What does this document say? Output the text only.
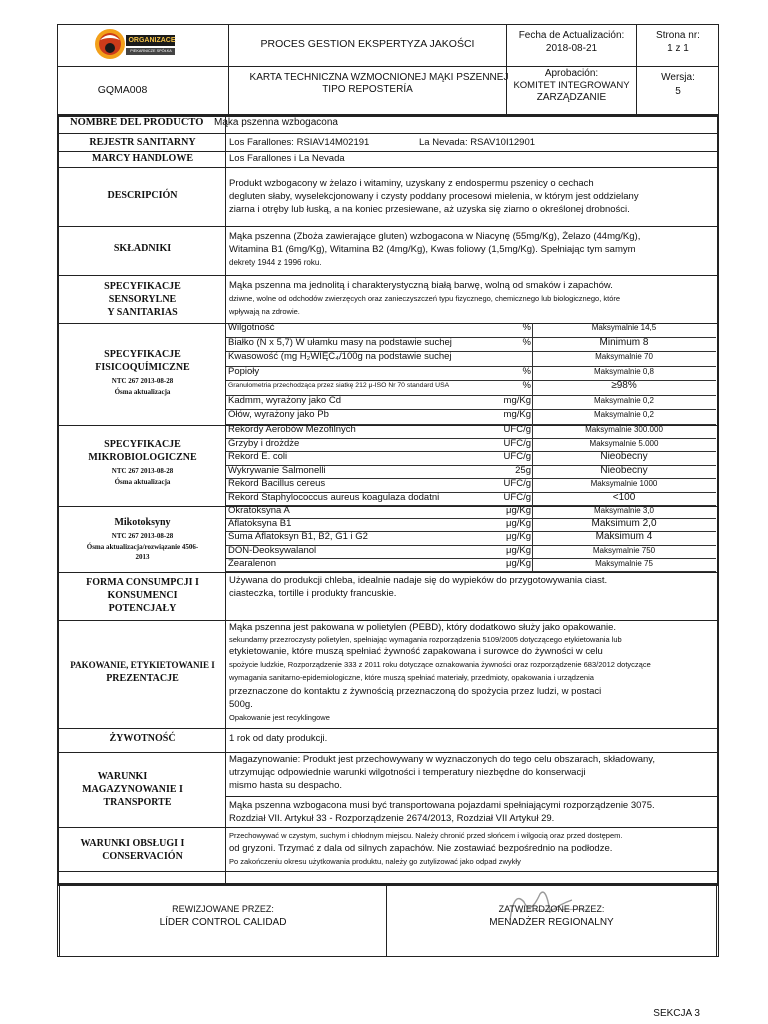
ORGANIZACE
PIEKARNICZE SPÓŁKA
PROCES GESTION EKSPERTYZA JAKOŚCI
Fecha de Actualización:
2018-08-21
Strona nr:
1 z 1
GQMA008
KARTA TECHNICZNA WZMOCNIONEJ MĄKI PSZENNEJ
TIPO REPOSTERÍA
Aprobación:
KOMITET INTEGROWANY
ZARZĄDZANIE
Wersja:
5
NOMBRE DEL PRODUCTO Mąka pszenna wzbogacona
REJESTR SANITARNY	Los Farallones: RSIAV14M02191	La Nevada: RSAV10I12901
MARCY HANDLOWE	Los Farallones i La Nevada
DESCRIPCIÓN
Produkt wzbogacony w żelazo i witaminy, uzyskany z endospermu pszenicy o cechach
degluten słaby, wyselekcjonowany i czysty poddany procesowi mielenia, w którym jest oddzielany
ziarna i otręby lub łuską, a na koniec przesiewane, aż uzyska się ziarno o określonej drobności.
SKŁADNIKI
Mąka pszenna (Zboża zawierające gluten) wzbogacona w Niacynę (55mg/Kg), Żelazo (44mg/Kg),
Witamina B1 (6mg/Kg), Witamina B2 (4mg/Kg), Kwas foliowy (1,5mg/Kg). Spełniając tym samym
dekrety 1944 z 1996 roku.
SPECYFIKACJE
SENSORYLNE
Y SANITARIAS
Mąka pszenna ma jednolitą i charakterystyczną białą barwę, wolną od smaków i zapachów.
dziwne, wolne od odchodów zwierzęcych oraz zanieczyszczeń typu fizycznego, chemicznego lub biologicznego, które
wpływają na zdrowie.
SPECYFIKACJE
FISICOQUÍMICZNE
NTC 267 2013-08-28
Ósma aktualizacja
Wilgotność	%	Maksymalnie 14,5
Białko (N x 5,7) W ułamku masy na podstawie suchej	%	Minimum 8
Kwasowość (mg H₂WIĘC₄/100g na podstawie suchej	Maksymalnie 70
Popioły	%	Maksymalnie 0,8
Granulometria przechodząca przez siatkę 212 μ-ISO Nr 70 standard USA	%	≥98%
Kadmm, wyrażony jako Cd	mg/Kg	Maksymalnie 0,2
Ołów, wyrażony jako Pb	mg/Kg	Maksymalnie 0,2
SPECYFIKACJE
MIKROBIOLOGICZNE
NTC 267 2013-08-28
Ósma aktualizacja
Rekordy Aerobów Mezofilnych	UFC/g	Maksymalnie 300.000
Grzyby i drożdże	UFC/g	Maksymalnie 5.000
Rekord E. coli	UFC/g	Nieobecny
Wykrywanie Salmonelli	25g	Nieobecny
Rekord Bacillus cereus	UFC/g	Maksymalnie 1000
Rekord Staphylococcus aureus koagulaza dodatni	UFC/g	<100
Mikotoksyny
NTC 267 2013-08-28
Ósma aktualizacja/rozwiązanie 4506-
2013
Okratoksyna A	μg/Kg	Maksymalnie 3,0
Aflatoksyna B1	μg/Kg	Maksimum 2,0
Suma Aflatoksyn B1, B2, G1 i G2	μg/Kg	Maksimum 4
DON-Deoksywalanol	μg/Kg	Maksymalnie 750
Zearalenon	μg/Kg	Maksymalnie 75
FORMA CONSUMPCJI I
KONSUMENCI
POTENCJAŁY
Używana do produkcji chleba, idealnie nadaje się do wypieków do przygotowywania ciast.
ciasteczka, tortille i produkty francuskie.
PAKOWANIE, ETYKIETOWANIE I
PREZENTACJE
Mąka pszenna jest pakowana w polietylen (PEBD), który dodatkowo służy jako opakowanie.
sekundarny przezroczysty polietylen, spełniając wymagania rozporządzenia 5109/2005 dotyczącego etykietowania lub
etykietowanie, które muszą spełniać żywność zapakowana i surowce do żywności w celu
spożycie ludzkie, Rozporządzenie 333 z 2011 roku dotyczące oznakowania żywności oraz rozporządzenie 683/2012 dotyczące
wymagania sanitarno-epidemiologiczne, które muszą spełniać materiały, przedmioty, opakowania i urządzenia
przeznaczone do kontaktu z żywnością przeznaczoną do spożycia przez ludzi, w postaci
500g.
Opakowanie jest recyklingowe
ŻYWOTNOŚĆ	1 rok od daty produkcji.
WARUNKI
MAGAZYNOWANIE I
TRANSPORTE
Magazynowanie: Produkt jest przechowywany w wyznaczonych do tego celu obszarach, składowany,
utrzymując odpowiednie warunki wilgotności i temperatury niezbędne do konserwacji
mismo hasta su despacho.
Mąka pszenna wzbogacona musi być transportowana pojazdami spełniającymi rozporządzenie 3075.
Rozdział VII. Artykuł 33 - Rozporządzenie 2674/2013, Rozdział VII Artykuł 29.
WARUNKI OBSŁUGI I
CONSERVACIÓN
Przechowywać w czystym, suchym i chłodnym miejscu. Należy chronić przed słońcem i wilgocią oraz przed dostępem.
od gryzoni. Trzymać z dala od silnych zapachów. Nie zostawiać bezpośrednio na podłodze.
Po zakończeniu okresu użytkowania produktu, należy go zutylizować jako odpad zwykły
REWIZJOWANE PRZEZ:
LÍDER CONTROL CALIDAD
ZATWIERDZONE PRZEZ:
MENADŻER REGIONALNY
SEKCJA 3
